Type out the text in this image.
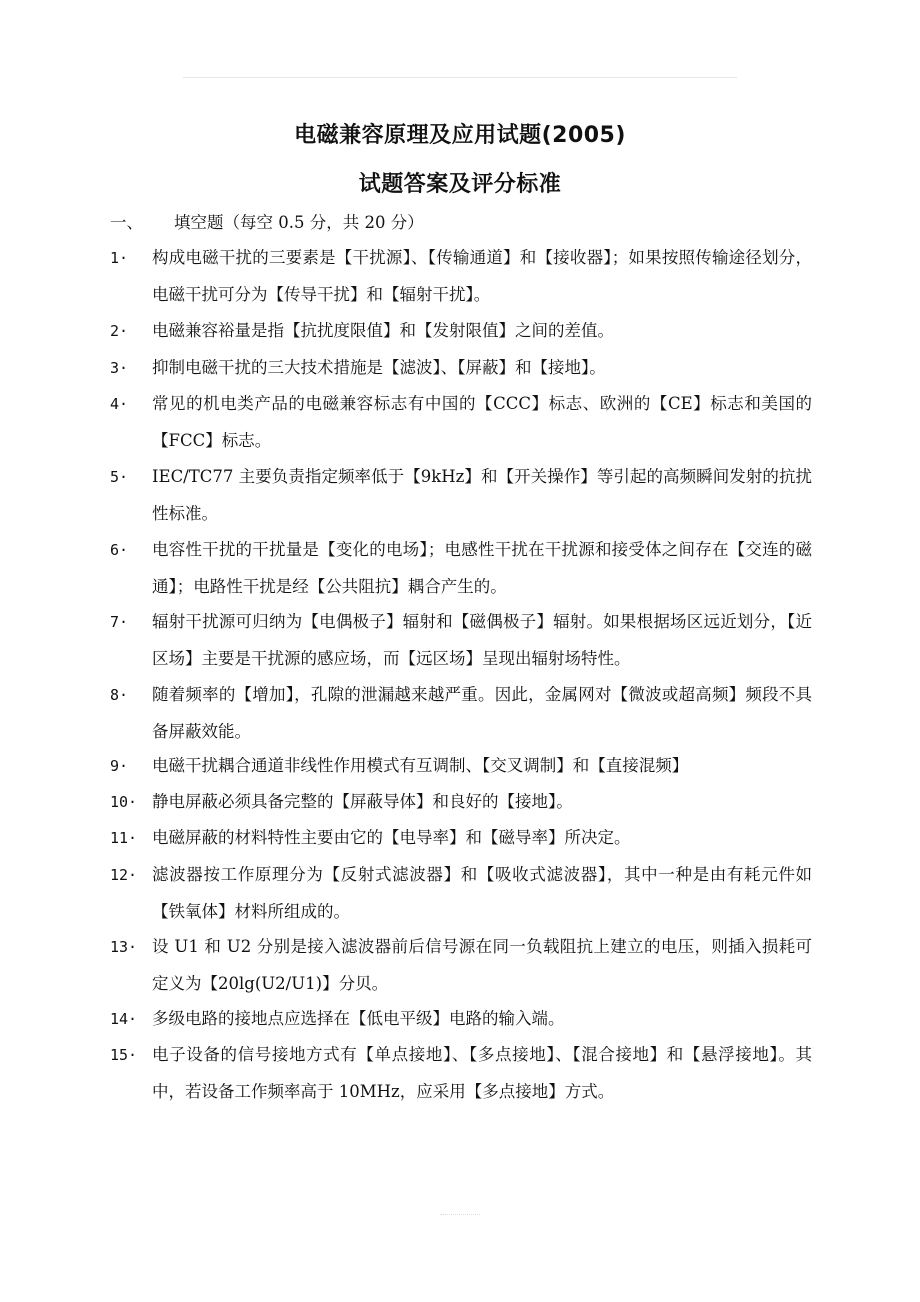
电磁兼容原理及应用试题(2005)
试题答案及评分标准
一、 填空题（每空 0.5 分，共 20 分）
1·	构成电磁干扰的三要素是【干扰源】、【传输通道】和【接收器】；如果按照传输途径划分，电磁干扰可分为【传导干扰】和【辐射干扰】。
2·	电磁兼容裕量是指【抗扰度限值】和【发射限值】之间的差值。
3·	抑制电磁干扰的三大技术措施是【滤波】、【屏蔽】和【接地】。
4·	常见的机电类产品的电磁兼容标志有中国的【CCC】标志、欧洲的【CE】标志和美国的【FCC】标志。
5·	IEC/TC77 主要负责指定频率低于【9kHz】和【开关操作】等引起的高频瞬间发射的抗扰性标准。
6·	电容性干扰的干扰量是【变化的电场】；电感性干扰在干扰源和接受体之间存在【交连的磁通】；电路性干扰是经【公共阻抗】耦合产生的。
7·	辐射干扰源可归纳为【电偶极子】辐射和【磁偶极子】辐射。如果根据场区远近划分，【近区场】主要是干扰源的感应场，而【远区场】呈现出辐射场特性。
8·	随着频率的【增加】，孔隙的泄漏越来越严重。因此，金属网对【微波或超高频】频段不具备屏蔽效能。
9·	电磁干扰耦合通道非线性作用模式有互调制、【交叉调制】和【直接混频】
10· 静电屏蔽必须具备完整的【屏蔽导体】和良好的【接地】。
11· 电磁屏蔽的材料特性主要由它的【电导率】和【磁导率】所决定。
12· 滤波器按工作原理分为【反射式滤波器】和【吸收式滤波器】，其中一种是由有耗元件如【铁氧体】材料所组成的。
13· 设 U1 和 U2 分别是接入滤波器前后信号源在同一负载阻抗上建立的电压，则插入损耗可定义为【20lg(U2/U1)】分贝。
14· 多级电路的接地点应选择在【低电平级】电路的输入端。
15· 电子设备的信号接地方式有【单点接地】、【多点接地】、【混合接地】和【悬浮接地】。其中，若设备工作频率高于 10MHz，应采用【多点接地】方式。
